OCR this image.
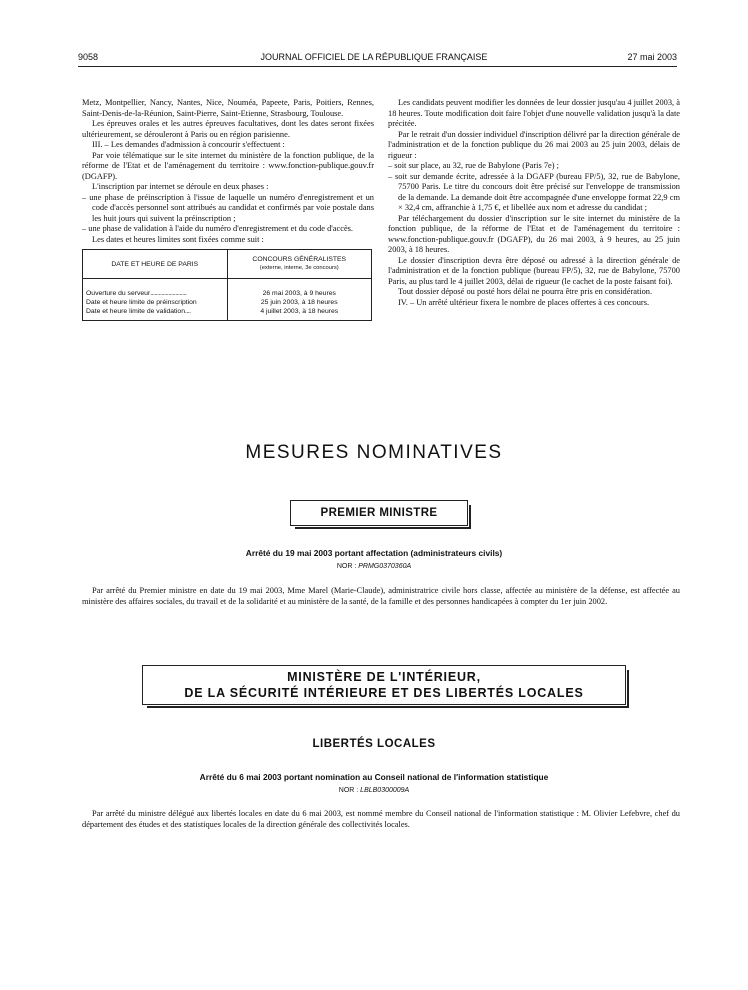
9058	JOURNAL OFFICIEL DE LA RÉPUBLIQUE FRANÇAISE	27 mai 2003

Metz, Montpellier, Nancy, Nantes, Nice, Nouméa, Papeete, Paris, Poitiers, Rennes, Saint-Denis-de-la-Réunion, Saint-Pierre, Saint-Etienne, Strasbourg, Toulouse.

Les épreuves orales et les autres épreuves facultatives, dont les dates seront fixées ultérieurement, se dérouleront à Paris ou en région parisienne.

III. – Les demandes d'admission à concourir s'effectuent :

Par voie télématique sur le site internet du ministère de la fonction publique, de la réforme de l'Etat et de l'aménagement du territoire : www.fonction-publique.gouv.fr (DGAFP).

L'inscription par internet se déroule en deux phases :

– une phase de préinscription à l'issue de laquelle un numéro d'enregistrement et un code d'accès personnel sont attribués au candidat et confirmés par voie postale dans les huit jours qui suivent la préinscription ;
– une phase de validation à l'aide du numéro d'enregistrement et du code d'accès.

Les dates et heures limites sont fixées comme suit :

DATE ET HEURE DE PARIS	CONCOURS GÉNÉRALISTES
(externe, interne, 3e concours)

Ouverture du serveur..........................	26 mai 2003, à 9 heures
Date et heure limite de préinscription	25 juin 2003, à 18 heures
Date et heure limite de validation....	4 juillet 2003, à 18 heures

Les candidats peuvent modifier les données de leur dossier jusqu'au 4 juillet 2003, à 18 heures. Toute modification doit faire l'objet d'une nouvelle validation jusqu'à la date précitée.

Par le retrait d'un dossier individuel d'inscription délivré par la direction générale de l'administration et de la fonction publique du 26 mai 2003 au 25 juin 2003, délais de rigueur :

– soit sur place, au 32, rue de Babylone (Paris 7e) ;
– soit sur demande écrite, adressée à la DGAFP (bureau FP/5), 32, rue de Babylone, 75700 Paris. Le titre du concours doit être précisé sur l'enveloppe de transmission de la demande. La demande doit être accompagnée d'une enveloppe format 22,9 cm × 32,4 cm, affranchie à 1,75 €, et libellée aux nom et adresse du candidat ;

Par téléchargement du dossier d'inscription sur le site internet du ministère de la fonction publique, de la réforme de l'Etat et de l'aménagement du territoire : www.fonction-publique.gouv.fr (DGAFP), du 26 mai 2003, à 9 heures, au 25 juin 2003, à 18 heures.

Le dossier d'inscription devra être déposé ou adressé à la direction générale de l'administration et de la fonction publique (bureau FP/5), 32, rue de Babylone, 75700 Paris, au plus tard le 4 juillet 2003, délai de rigueur (le cachet de la poste faisant foi).

Tout dossier déposé ou posté hors délai ne pourra être pris en considération.

IV. – Un arrêté ultérieur fixera le nombre de places offertes à ces concours.

MESURES NOMINATIVES
PREMIER MINISTRE
Arrêté du 19 mai 2003 portant affectation (administrateurs civils)
NOR : PRMG0370360A
Par arrêté du Premier ministre en date du 19 mai 2003, Mme Marel (Marie-Claude), administratrice civile hors classe, affectée au ministère de la défense, est affectée au ministère des affaires sociales, du travail et de la solidarité et au ministère de la santé, de la famille et des personnes handicapées à compter du 1er juin 2002.
MINISTÈRE DE L'INTÉRIEUR,
DE LA SÉCURITÉ INTÉRIEURE ET DES LIBERTÉS LOCALES
LIBERTÉS LOCALES
Arrêté du 6 mai 2003 portant nomination au Conseil national de l'information statistique
NOR : LBLB0300009A
Par arrêté du ministre délégué aux libertés locales en date du 6 mai 2003, est nommé membre du Conseil national de l'information statistique : M. Olivier Lefebvre, chef du département des études et des statistiques locales de la direction générale des collectivités locales.
